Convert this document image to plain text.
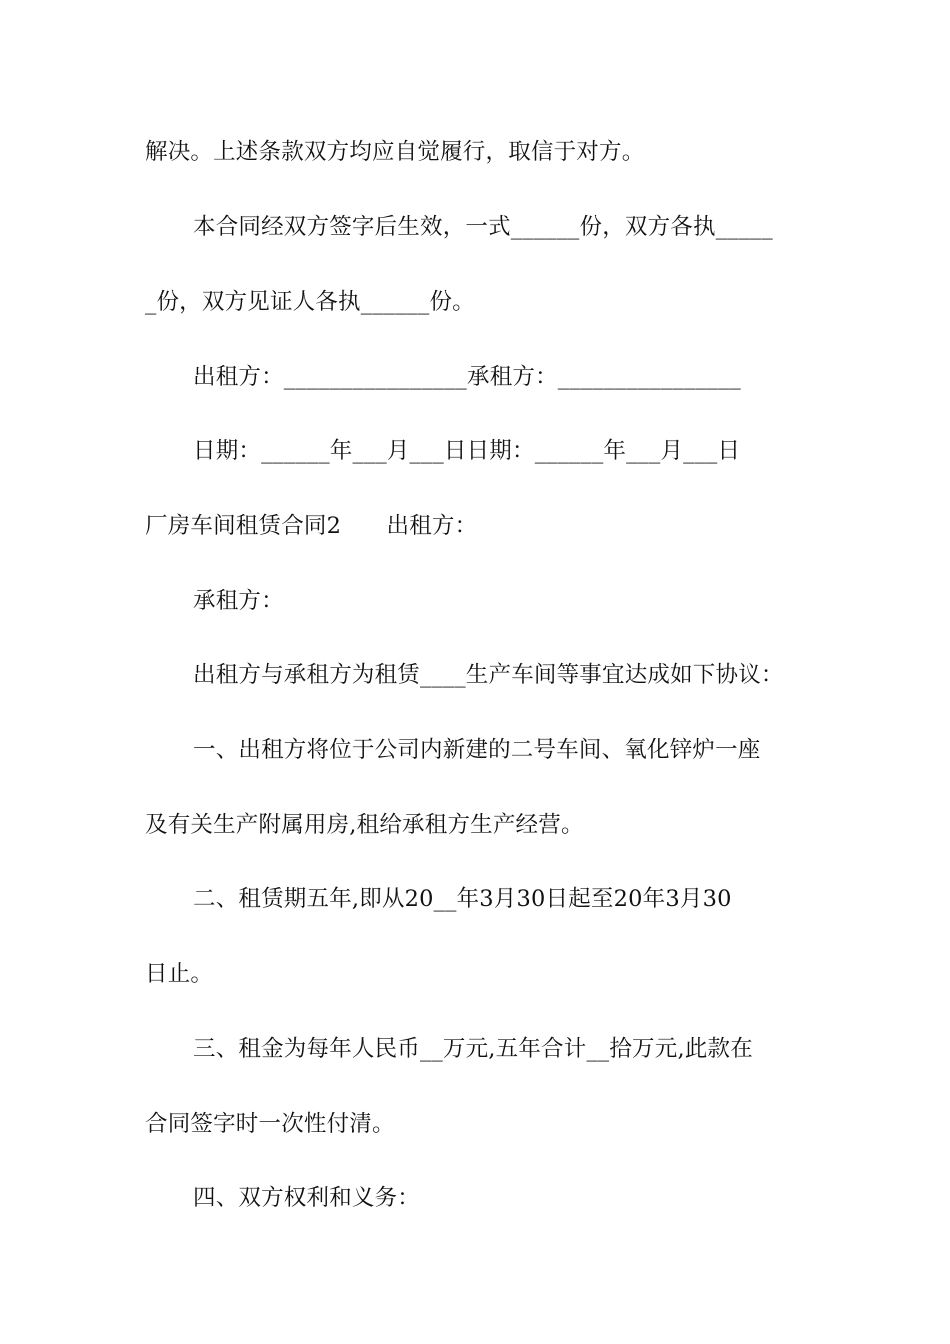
解决。上述条款双方均应自觉履行，取信于对方。
本合同经双方签字后生效，一式______份，双方各执_____
_份，双方见证人各执______份。
出租方：________________承租方：________________
日期：______年___月___日日期：______年___月___日
厂房车间租赁合同2　　出租方：
承租方：
出租方与承租方为租赁____生产车间等事宜达成如下协议：
一、出租方将位于公司内新建的二号车间、氧化锌炉一座
及有关生产附属用房,租给承租方生产经营。
二、租赁期五年,即从20__年3月30日起至20年3月30
日止。
三、租金为每年人民币__万元,五年合计__拾万元,此款在
合同签字时一次性付清。
四、双方权利和义务：
